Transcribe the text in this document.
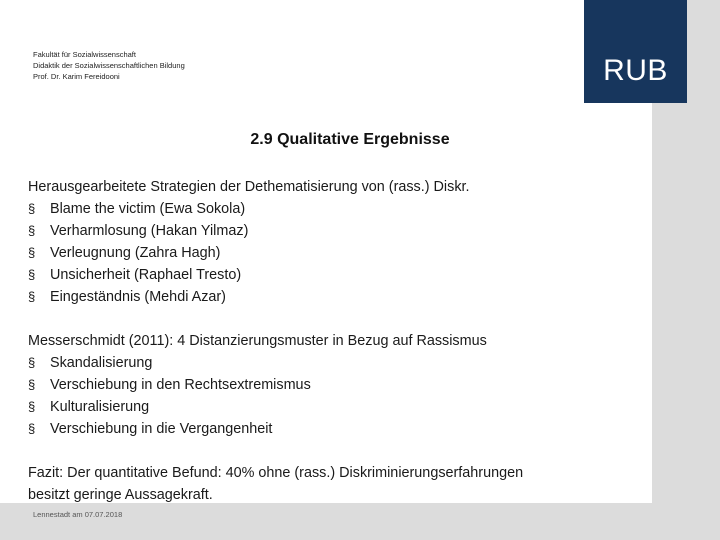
Fakultät für Sozialwissenschaft
Didaktik der Sozialwissenschaftlichen Bildung
Prof. Dr. Karim Fereidooni
2.9 Qualitative Ergebnisse
Herausgearbeitete Strategien der Dethematisierung von (rass.) Diskr.
§	Blame the victim (Ewa Sokola)
§	Verharmlosung (Hakan Yilmaz)
§	Verleugnung (Zahra Hagh)
§	Unsicherheit (Raphael Tresto)
§	Eingeständnis (Mehdi Azar)
Messerschmidt (2011): 4 Distanzierungsmuster in Bezug auf Rassismus
§	Skandalisierung
§	Verschiebung in den Rechtsextremismus
§	Kulturalisierung
§	Verschiebung in die Vergangenheit
Fazit: Der quantitative Befund: 40% ohne (rass.) Diskriminierungserfahrungen
besitzt geringe Aussagekraft.
Lennestadt am 07.07.2018
RUB
